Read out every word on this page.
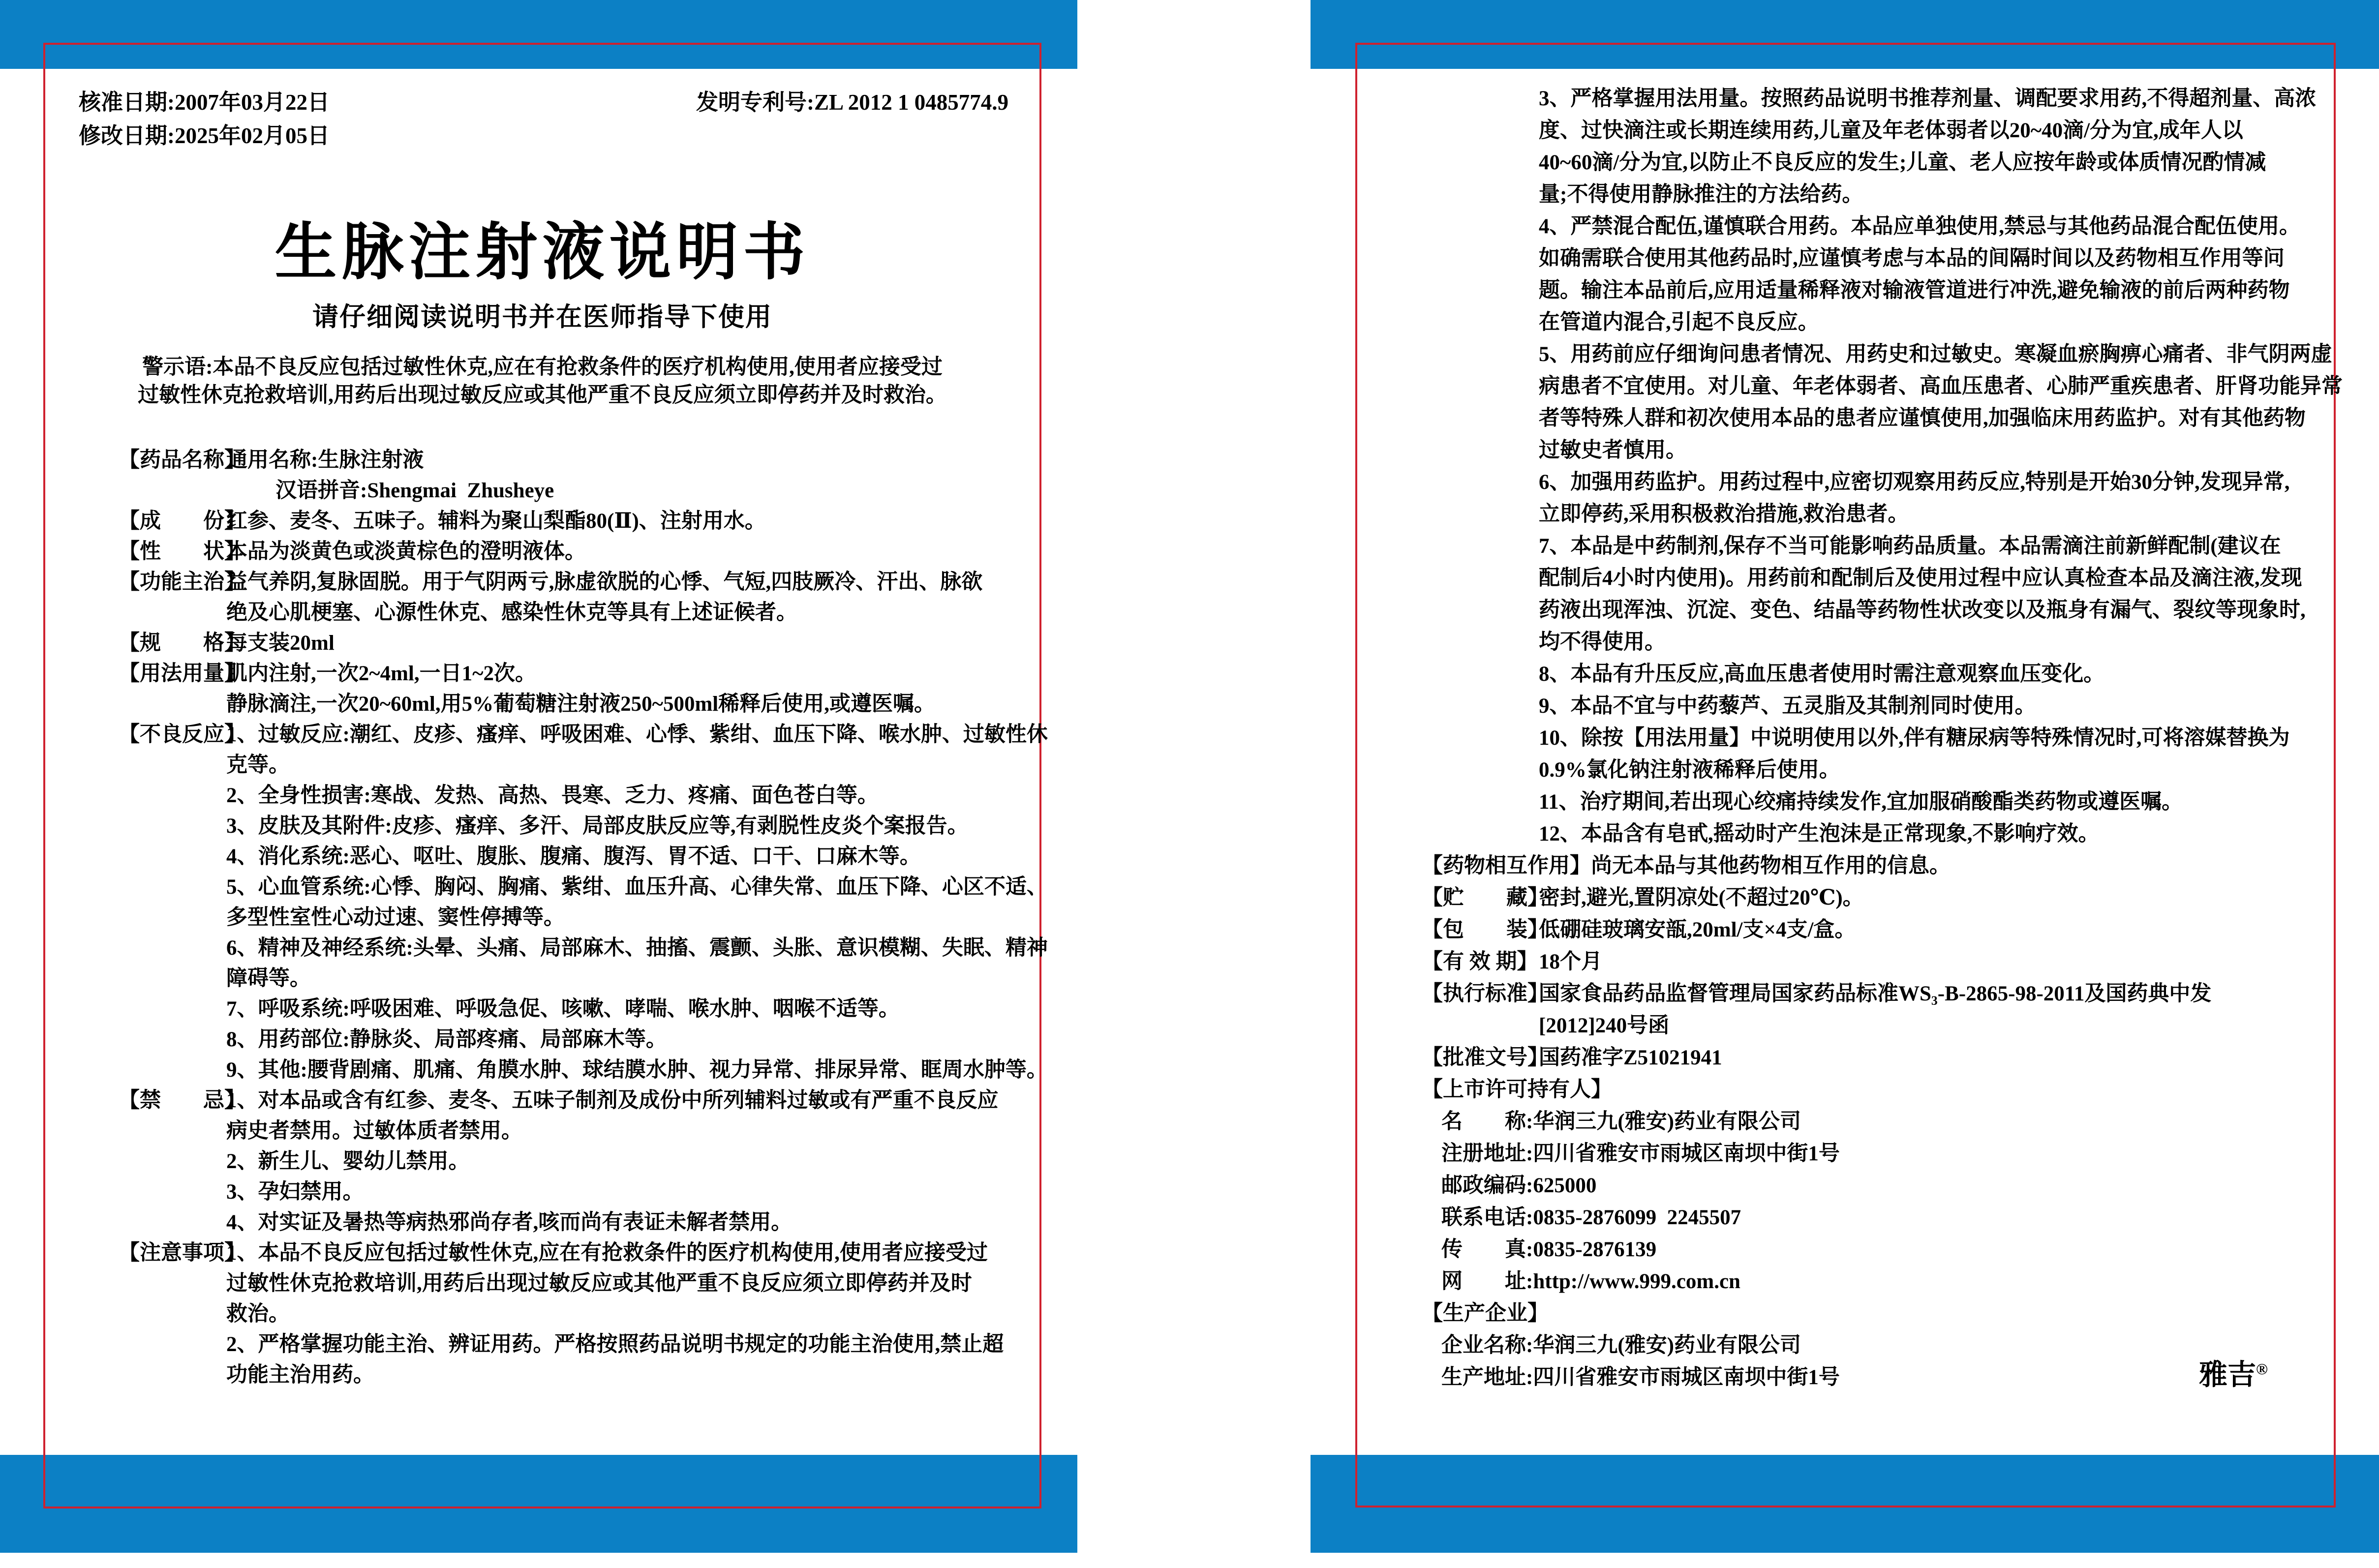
核准日期:2007年03月22日
修改日期:2025年02月05日
发明专利号:ZL 2012 1 0485774.9
生脉注射液说明书
请仔细阅读说明书并在医师指导下使用
警示语:本品不良反应包括过敏性休克,应在有抢救条件的医疗机构使用,使用者应接受过
过敏性休克抢救培训,用药后出现过敏反应或其他严重不良反应须立即停药并及时救治。
【药品名称】
通用名称:生脉注射液
汉语拼音:Shengmai  Zhusheye
【成　　份】
红参、麦冬、五味子。辅料为聚山梨酯80(Ⅱ)、注射用水。
【性　　状】
本品为淡黄色或淡黄棕色的澄明液体。
【功能主治】
益气养阴,复脉固脱。用于气阴两亏,脉虚欲脱的心悸、气短,四肢厥冷、汗出、脉欲
绝及心肌梗塞、心源性休克、感染性休克等具有上述证候者。
【规　　格】
每支装20ml
【用法用量】
肌内注射,一次2~4ml,一日1~2次。
静脉滴注,一次20~60ml,用5%葡萄糖注射液250~500ml稀释后使用,或遵医嘱。
【不良反应】
1、过敏反应:潮红、皮疹、瘙痒、呼吸困难、心悸、紫绀、血压下降、喉水肿、过敏性休
克等。
2、全身性损害:寒战、发热、高热、畏寒、乏力、疼痛、面色苍白等。
3、皮肤及其附件:皮疹、瘙痒、多汗、局部皮肤反应等,有剥脱性皮炎个案报告。
4、消化系统:恶心、呕吐、腹胀、腹痛、腹泻、胃不适、口干、口麻木等。
5、心血管系统:心悸、胸闷、胸痛、紫绀、血压升高、心律失常、血压下降、心区不适、
多型性室性心动过速、窦性停搏等。
6、精神及神经系统:头晕、头痛、局部麻木、抽搐、震颤、头胀、意识模糊、失眠、精神
障碍等。
7、呼吸系统:呼吸困难、呼吸急促、咳嗽、哮喘、喉水肿、咽喉不适等。
8、用药部位:静脉炎、局部疼痛、局部麻木等。
9、其他:腰背剧痛、肌痛、角膜水肿、球结膜水肿、视力异常、排尿异常、眶周水肿等。
【禁　　忌】
1、对本品或含有红参、麦冬、五味子制剂及成份中所列辅料过敏或有严重不良反应
病史者禁用。过敏体质者禁用。
2、新生儿、婴幼儿禁用。
3、孕妇禁用。
4、对实证及暑热等病热邪尚存者,咳而尚有表证未解者禁用。
【注意事项】
1、本品不良反应包括过敏性休克,应在有抢救条件的医疗机构使用,使用者应接受过
过敏性休克抢救培训,用药后出现过敏反应或其他严重不良反应须立即停药并及时
救治。
2、严格掌握功能主治、辨证用药。严格按照药品说明书规定的功能主治使用,禁止超
功能主治用药。
3、严格掌握用法用量。按照药品说明书推荐剂量、调配要求用药,不得超剂量、高浓
度、过快滴注或长期连续用药,儿童及年老体弱者以20~40滴/分为宜,成年人以
40~60滴/分为宜,以防止不良反应的发生;儿童、老人应按年龄或体质情况酌情减
量;不得使用静脉推注的方法给药。
4、严禁混合配伍,谨慎联合用药。本品应单独使用,禁忌与其他药品混合配伍使用。
如确需联合使用其他药品时,应谨慎考虑与本品的间隔时间以及药物相互作用等问
题。输注本品前后,应用适量稀释液对输液管道进行冲洗,避免输液的前后两种药物
在管道内混合,引起不良反应。
5、用药前应仔细询问患者情况、用药史和过敏史。寒凝血瘀胸痹心痛者、非气阴两虚
病患者不宜使用。对儿童、年老体弱者、高血压患者、心肺严重疾患者、肝肾功能异常
者等特殊人群和初次使用本品的患者应谨慎使用,加强临床用药监护。对有其他药物
过敏史者慎用。
6、加强用药监护。用药过程中,应密切观察用药反应,特别是开始30分钟,发现异常,
立即停药,采用积极救治措施,救治患者。
7、本品是中药制剂,保存不当可能影响药品质量。本品需滴注前新鲜配制(建议在
配制后4小时内使用)。用药前和配制后及使用过程中应认真检查本品及滴注液,发现
药液出现浑浊、沉淀、变色、结晶等药物性状改变以及瓶身有漏气、裂纹等现象时,
均不得使用。
8、本品有升压反应,高血压患者使用时需注意观察血压变化。
9、本品不宜与中药藜芦、五灵脂及其制剂同时使用。
10、除按【用法用量】中说明使用以外,伴有糖尿病等特殊情况时,可将溶媒替换为
0.9%氯化钠注射液稀释后使用。
11、治疗期间,若出现心绞痛持续发作,宜加服硝酸酯类药物或遵医嘱。
12、本品含有皂甙,摇动时产生泡沫是正常现象,不影响疗效。
【药物相互作用】尚无本品与其他药物相互作用的信息。
【贮　　藏】
密封,避光,置阴凉处(不超过20℃)。
【包　　装】
低硼硅玻璃安瓿,20ml/支×4支/盒。
【有 效 期】 18个月
【执行标准】
国家食品药品监督管理局国家药品标准WS₃-B-2865-98-2011及国药典中发
[2012]240号函
【批准文号】
国药准字Z51021941
【上市许可持有人】
名　　称:华润三九(雅安)药业有限公司
注册地址:四川省雅安市雨城区南坝中街1号
邮政编码:625000
联系电话:0835-2876099  2245507
传　　真:0835-2876139
网　　址:http://www.999.com.cn
【生产企业】
企业名称:华润三九(雅安)药业有限公司
生产地址:四川省雅安市雨城区南坝中街1号	雅吉®
